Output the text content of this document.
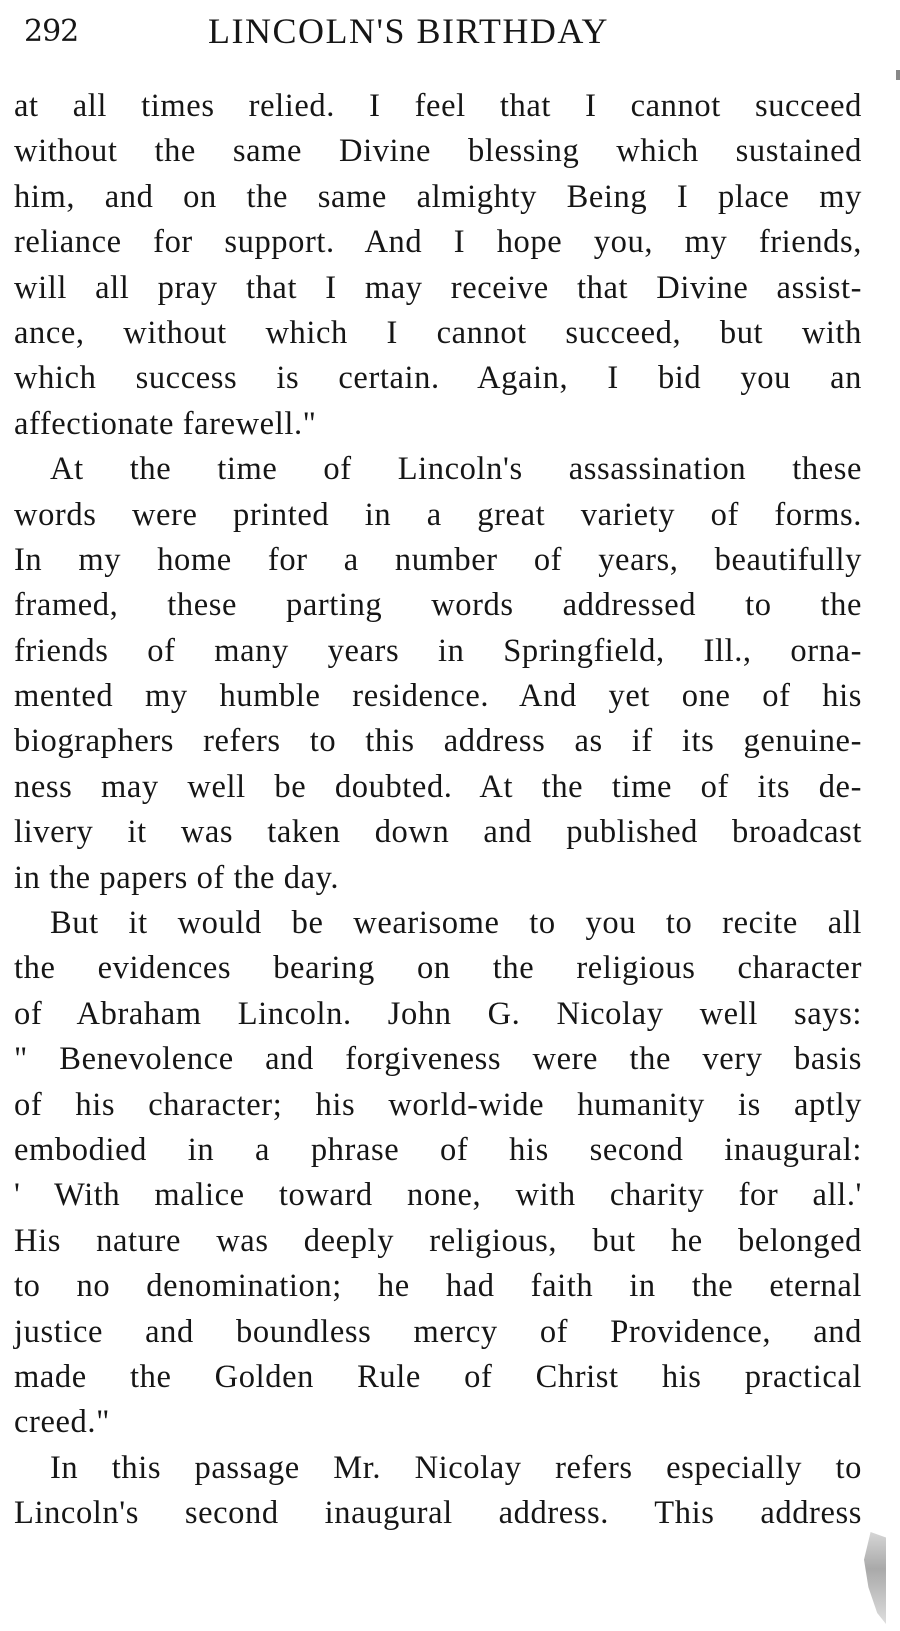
292	LINCOLN'S BIRTHDAY
at all times relied. I feel that I cannot succeed
without the same Divine blessing which sustained
him, and on the same almighty Being I place my
reliance for support. And I hope you, my friends,
will all pray that I may receive that Divine assist-
ance, without which I cannot succeed, but with
which success is certain. Again, I bid you an
affectionate farewell."
At the time of Lincoln's assassination these
words were printed in a great variety of forms.
In my home for a number of years, beautifully
framed, these parting words addressed to the
friends of many years in Springfield, Ill., orna-
mented my humble residence. And yet one of his
biographers refers to this address as if its genuine-
ness may well be doubted. At the time of its de-
livery it was taken down and published broadcast
in the papers of the day.
But it would be wearisome to you to recite all
the evidences bearing on the religious character
of Abraham Lincoln. John G. Nicolay well says:
" Benevolence and forgiveness were the very basis
of his character; his world-wide humanity is aptly
embodied in a phrase of his second inaugural:
' With malice toward none, with charity for all.'
His nature was deeply religious, but he belonged
to no denomination; he had faith in the eternal
justice and boundless mercy of Providence, and
made the Golden Rule of Christ his practical
creed."
In this passage Mr. Nicolay refers especially to
Lincoln's second inaugural address. This address
